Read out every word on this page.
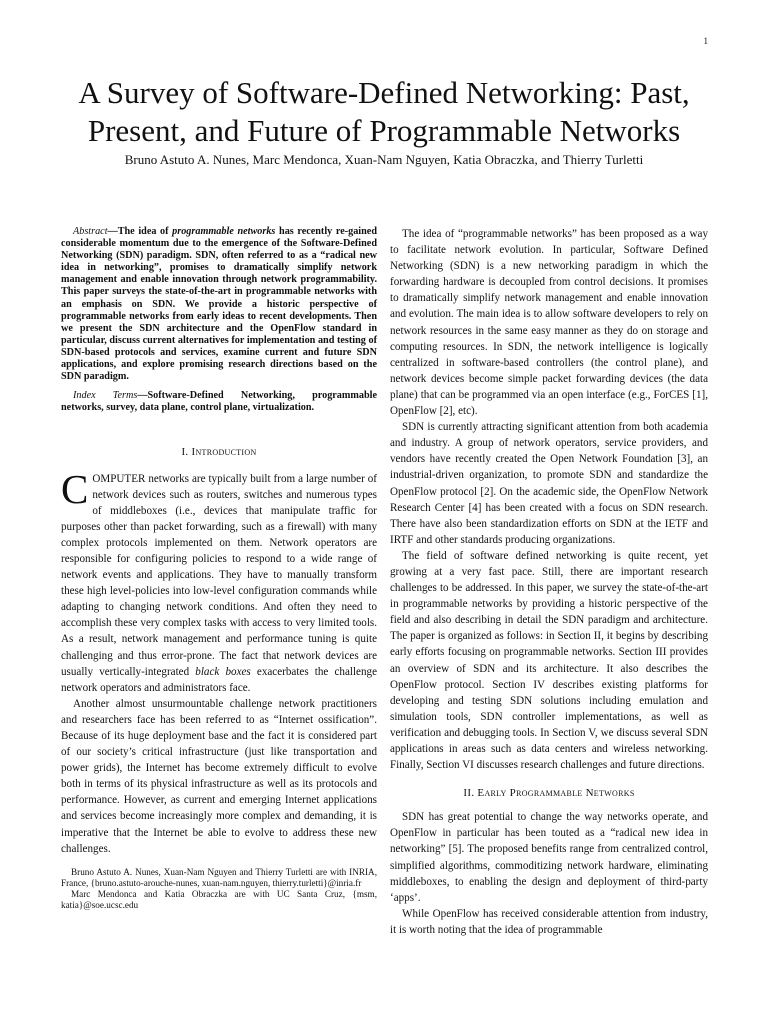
1
A Survey of Software-Defined Networking: Past, Present, and Future of Programmable Networks
Bruno Astuto A. Nunes, Marc Mendonca, Xuan-Nam Nguyen, Katia Obraczka, and Thierry Turletti

Abstract—The idea of programmable networks has recently re-gained considerable momentum due to the emergence of the Software-Defined Networking (SDN) paradigm. SDN, often referred to as a “radical new idea in networking”, promises to dramatically simplify network management and enable innovation through network programmability. This paper surveys the state-of-the-art in programmable networks with an emphasis on SDN. We provide a historic perspective of programmable networks from early ideas to recent developments. Then we present the SDN architecture and the OpenFlow standard in particular, discuss current alternatives for implementation and testing of SDN-based protocols and services, examine current and future SDN applications, and explore promising research directions based on the SDN paradigm.

Index Terms—Software-Defined Networking, programmable networks, survey, data plane, control plane, virtualization.

I. Introduction

COMPUTER networks are typically built from a large number of network devices such as routers, switches and numerous types of middleboxes (i.e., devices that manipulate traffic for purposes other than packet forwarding, such as a firewall) with many complex protocols implemented on them. Network operators are responsible for configuring policies to respond to a wide range of network events and applications. They have to manually transform these high level-policies into low-level configuration commands while adapting to changing network conditions. And often they need to accomplish these very complex tasks with access to very limited tools. As a result, network management and performance tuning is quite challenging and thus error-prone. The fact that network devices are usually vertically-integrated black boxes exacerbates the challenge network operators and administrators face.

Another almost unsurmountable challenge network practitioners and researchers face has been referred to as “Internet ossification”. Because of its huge deployment base and the fact it is considered part of our society’s critical infrastructure (just like transportation and power grids), the Internet has become extremely difficult to evolve both in terms of its physical infrastructure as well as its protocols and performance. However, as current and emerging Internet applications and services become increasingly more complex and demanding, it is imperative that the Internet be able to evolve to address these new challenges.

Bruno Astuto A. Nunes, Xuan-Nam Nguyen and Thierry Turletti are with INRIA, France, {bruno.astuto-arouche-nunes, xuan-nam.nguyen, thierry.turletti}@inria.fr

Marc Mendonca and Katia Obraczka are with UC Santa Cruz, {msm, katia}@soe.ucsc.edu

The idea of “programmable networks” has been proposed as a way to facilitate network evolution. In particular, Software Defined Networking (SDN) is a new networking paradigm in which the forwarding hardware is decoupled from control decisions. It promises to dramatically simplify network management and enable innovation and evolution. The main idea is to allow software developers to rely on network resources in the same easy manner as they do on storage and computing resources. In SDN, the network intelligence is logically centralized in software-based controllers (the control plane), and network devices become simple packet forwarding devices (the data plane) that can be programmed via an open interface (e.g., ForCES [1], OpenFlow [2], etc).

SDN is currently attracting significant attention from both academia and industry. A group of network operators, service providers, and vendors have recently created the Open Network Foundation [3], an industrial-driven organization, to promote SDN and standardize the OpenFlow protocol [2]. On the academic side, the OpenFlow Network Research Center [4] has been created with a focus on SDN research. There have also been standardization efforts on SDN at the IETF and IRTF and other standards producing organizations.

The field of software defined networking is quite recent, yet growing at a very fast pace. Still, there are important research challenges to be addressed. In this paper, we survey the state-of-the-art in programmable networks by providing a historic perspective of the field and also describing in detail the SDN paradigm and architecture. The paper is organized as follows: in Section II, it begins by describing early efforts focusing on programmable networks. Section III provides an overview of SDN and its architecture. It also describes the OpenFlow protocol. Section IV describes existing platforms for developing and testing SDN solutions including emulation and simulation tools, SDN controller implementations, as well as verification and debugging tools. In Section V, we discuss several SDN applications in areas such as data centers and wireless networking. Finally, Section VI discusses research challenges and future directions.

II. Early Programmable Networks

SDN has great potential to change the way networks operate, and OpenFlow in particular has been touted as a “radical new idea in networking” [5]. The proposed benefits range from centralized control, simplified algorithms, commoditizing network hardware, eliminating middleboxes, to enabling the design and deployment of third-party ‘apps’.

While OpenFlow has received considerable attention from industry, it is worth noting that the idea of programmable
